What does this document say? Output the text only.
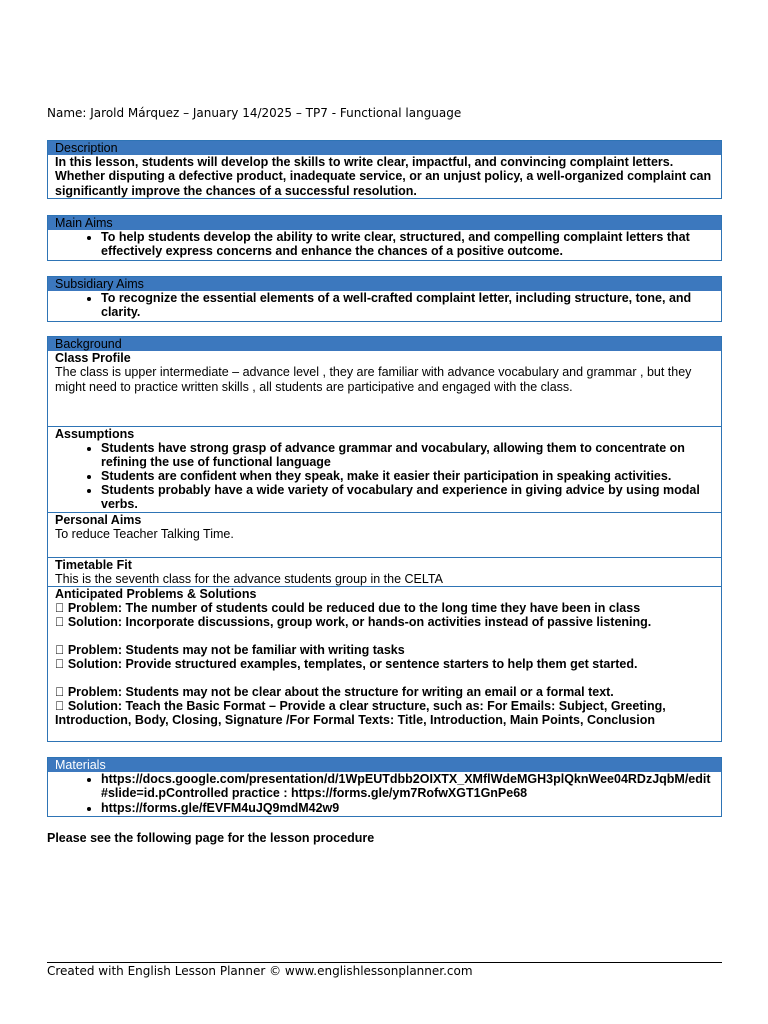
Name: Jarold Márquez – January 14/2025 – TP7 - Functional language
Description
In this lesson, students will develop the skills to write clear, impactful, and convincing complaint letters. Whether disputing a defective product, inadequate service, or an unjust policy, a well-organized complaint can significantly improve the chances of a successful resolution.
Main Aims
• To help students develop the ability to write clear, structured, and compelling complaint letters that effectively express concerns and enhance the chances of a positive outcome.
Subsidiary Aims
• To recognize the essential elements of a well-crafted complaint letter, including structure, tone, and clarity.
Background
Class Profile
The class is upper intermediate – advance level , they are familiar with advance vocabulary and grammar , but they might need to practice written skills , all students are participative and engaged with the class.
Assumptions
• Students have strong grasp of advance grammar and vocabulary, allowing them to concentrate on refining the use of functional language
• Students are confident when they speak, make it easier their participation in speaking activities.
• Students probably have a wide variety of vocabulary and experience in giving advice by using modal verbs.
Personal Aims
To reduce Teacher Talking Time.
Timetable Fit
This is the seventh class for the advance students group in the CELTA
Anticipated Problems & Solutions
Problem: The number of students could be reduced due to the long time they have been in class
Solution: Incorporate discussions, group work, or hands-on activities instead of passive listening.
Problem: Students may not be familiar with writing tasks
Solution: Provide structured examples, templates, or sentence starters to help them get started.
Problem: Students may not be clear about the structure for writing an email or a formal text.
Solution: Teach the Basic Format – Provide a clear structure, such as: For Emails: Subject, Greeting, Introduction, Body, Closing, Signature /For Formal Texts: Title, Introduction, Main Points, Conclusion
Materials
• https://docs.google.com/presentation/d/1WpEUTdbb2OIXTX_XMflWdeMGH3plQknWee04RDzJqbM/edit#slide=id.pControlled practice : https://forms.gle/ym7RofwXGT1GnPe68
• https://forms.gle/fEVFM4uJQ9mdM42w9
Please see the following page for the lesson procedure
Created with English Lesson Planner © www.englishlessonplanner.com
